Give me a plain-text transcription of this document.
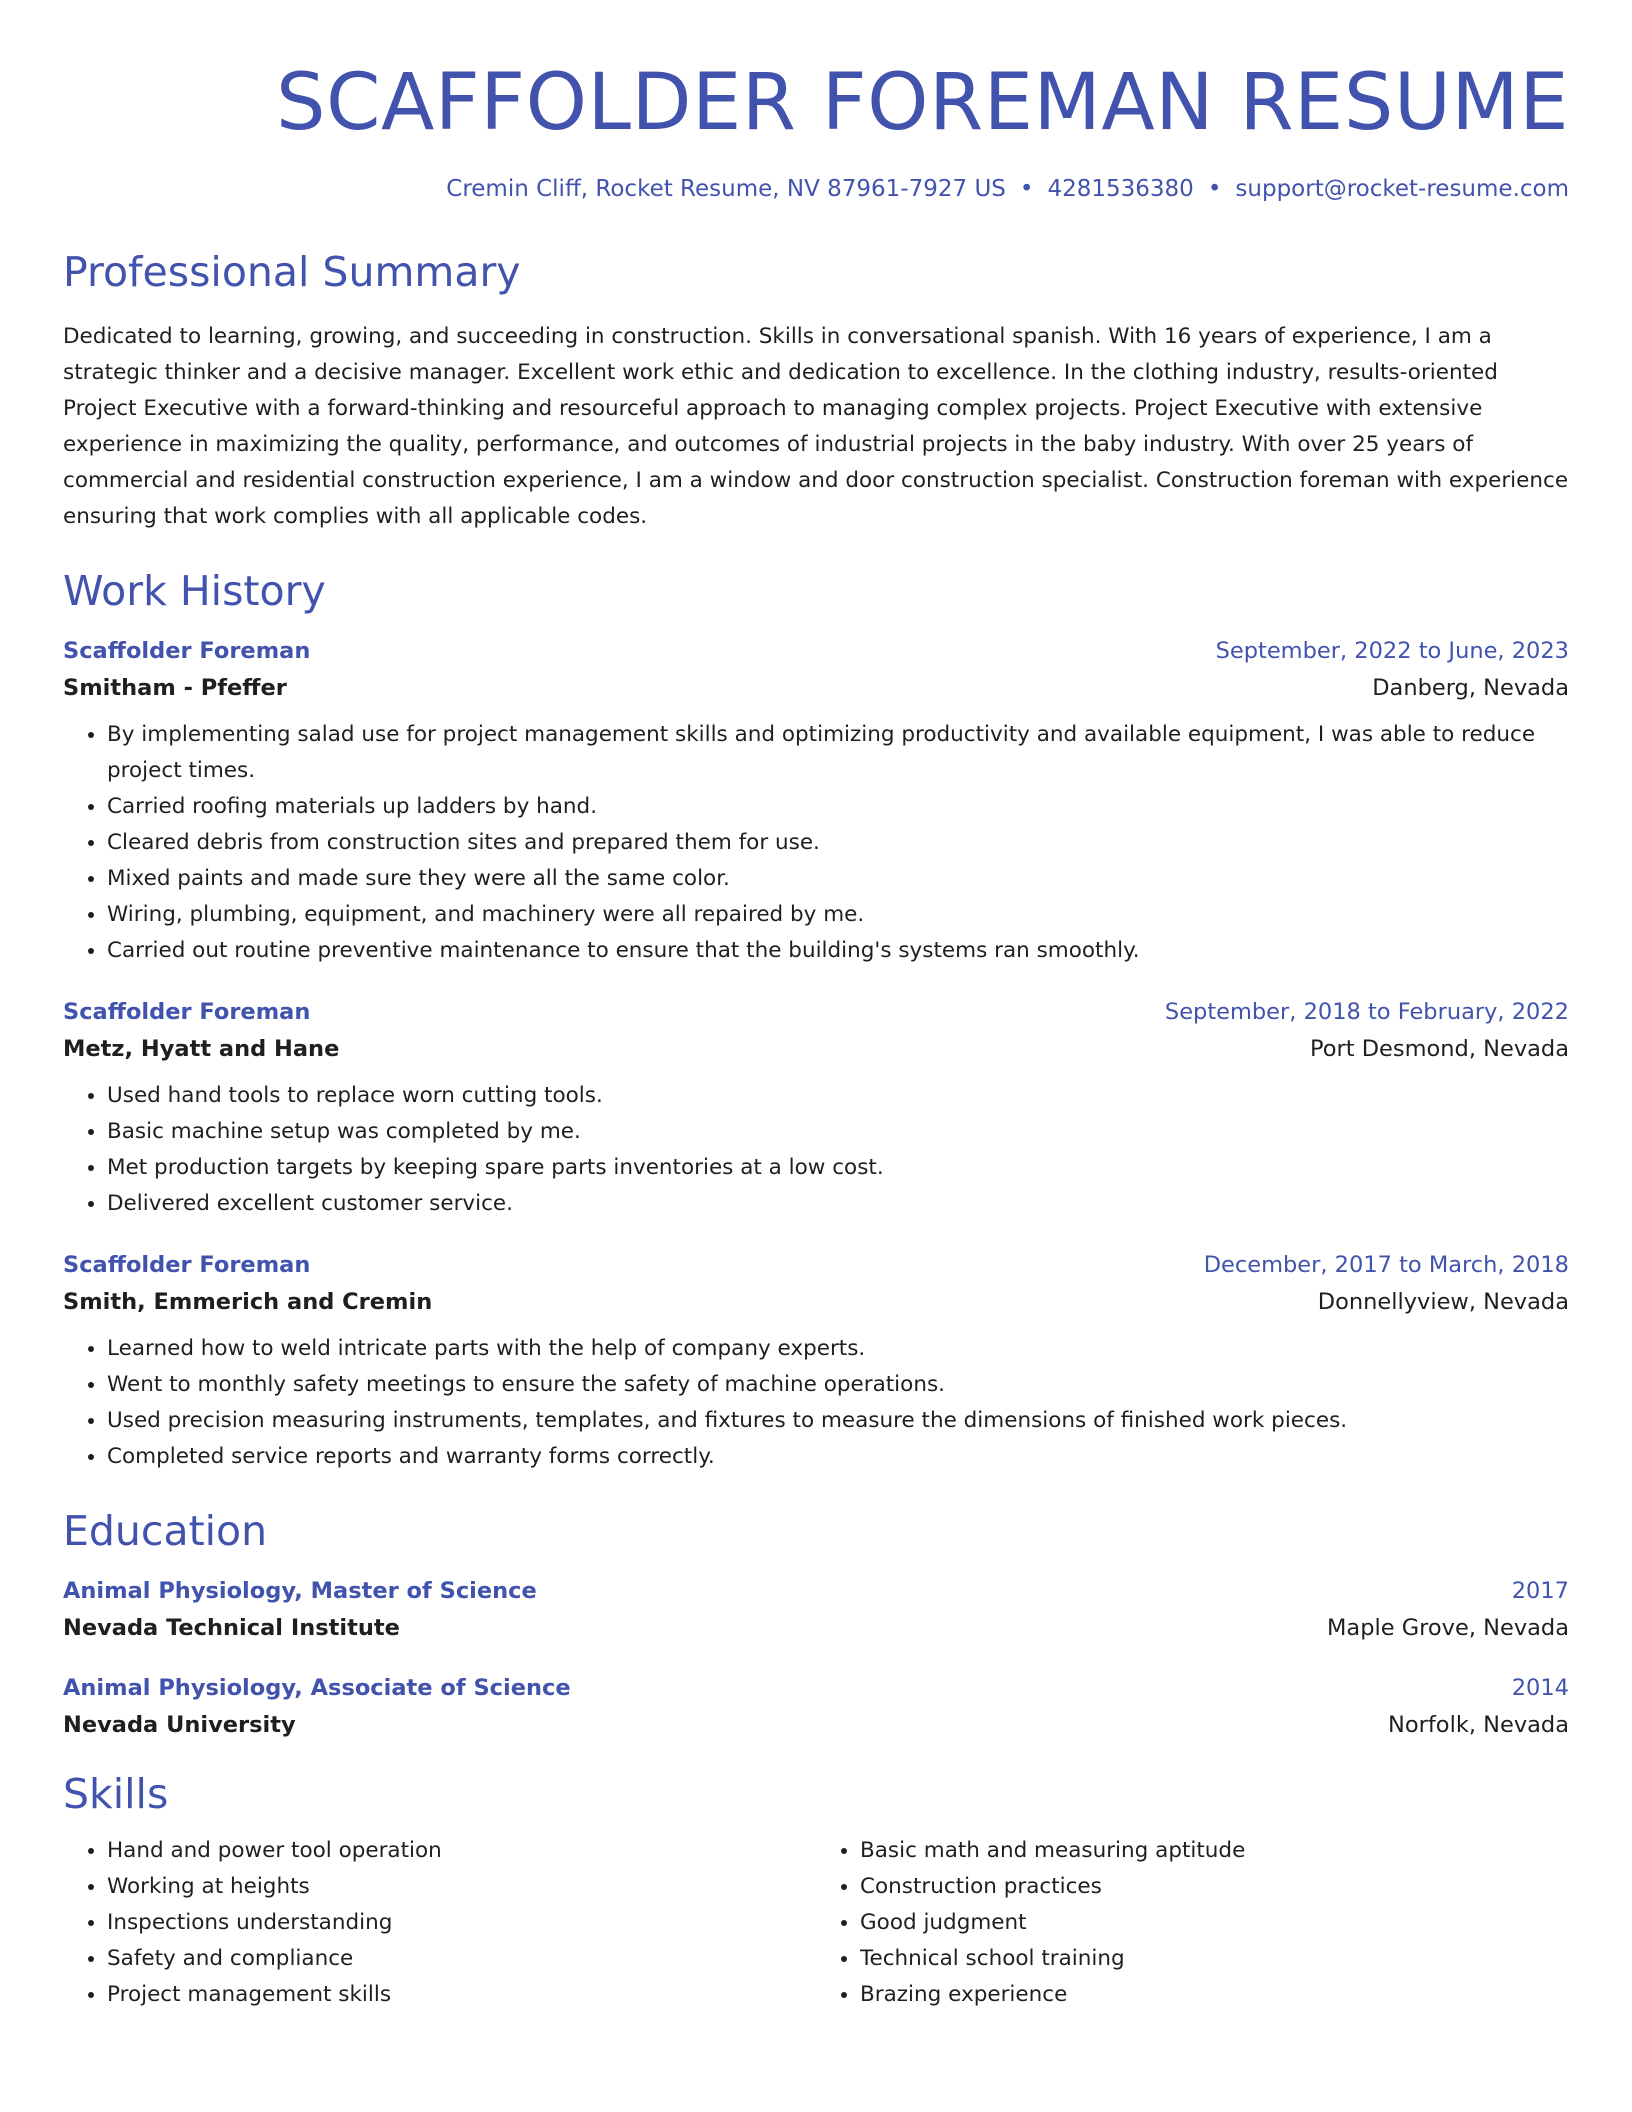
SCAFFOLDER FOREMAN RESUME
Cremin Cliff, Rocket Resume, NV 87961-7927 US • 4281536380 • support@rocket-resume.com
Professional Summary
Dedicated to learning, growing, and succeeding in construction. Skills in conversational spanish. With 16 years of experience, I am a strategic thinker and a decisive manager. Excellent work ethic and dedication to excellence. In the clothing industry, results-oriented Project Executive with a forward-thinking and resourceful approach to managing complex projects. Project Executive with extensive experience in maximizing the quality, performance, and outcomes of industrial projects in the baby industry. With over 25 years of commercial and residential construction experience, I am a window and door construction specialist. Construction foreman with experience ensuring that work complies with all applicable codes.
Work History
Scaffolder Foreman	September, 2022 to June, 2023
Smitham - Pfeffer	Danberg, Nevada
• By implementing salad use for project management skills and optimizing productivity and available equipment, I was able to reduce project times.
• Carried roofing materials up ladders by hand.
• Cleared debris from construction sites and prepared them for use.
• Mixed paints and made sure they were all the same color.
• Wiring, plumbing, equipment, and machinery were all repaired by me.
• Carried out routine preventive maintenance to ensure that the building's systems ran smoothly.
Scaffolder Foreman	September, 2018 to February, 2022
Metz, Hyatt and Hane	Port Desmond, Nevada
• Used hand tools to replace worn cutting tools.
• Basic machine setup was completed by me.
• Met production targets by keeping spare parts inventories at a low cost.
• Delivered excellent customer service.
Scaffolder Foreman	December, 2017 to March, 2018
Smith, Emmerich and Cremin	Donnellyview, Nevada
• Learned how to weld intricate parts with the help of company experts.
• Went to monthly safety meetings to ensure the safety of machine operations.
• Used precision measuring instruments, templates, and fixtures to measure the dimensions of finished work pieces.
• Completed service reports and warranty forms correctly.
Education
Animal Physiology, Master of Science	2017
Nevada Technical Institute	Maple Grove, Nevada
Animal Physiology, Associate of Science	2014
Nevada University	Norfolk, Nevada
Skills
• Hand and power tool operation
• Working at heights
• Inspections understanding
• Safety and compliance
• Project management skills
• Basic math and measuring aptitude
• Construction practices
• Good judgment
• Technical school training
• Brazing experience
